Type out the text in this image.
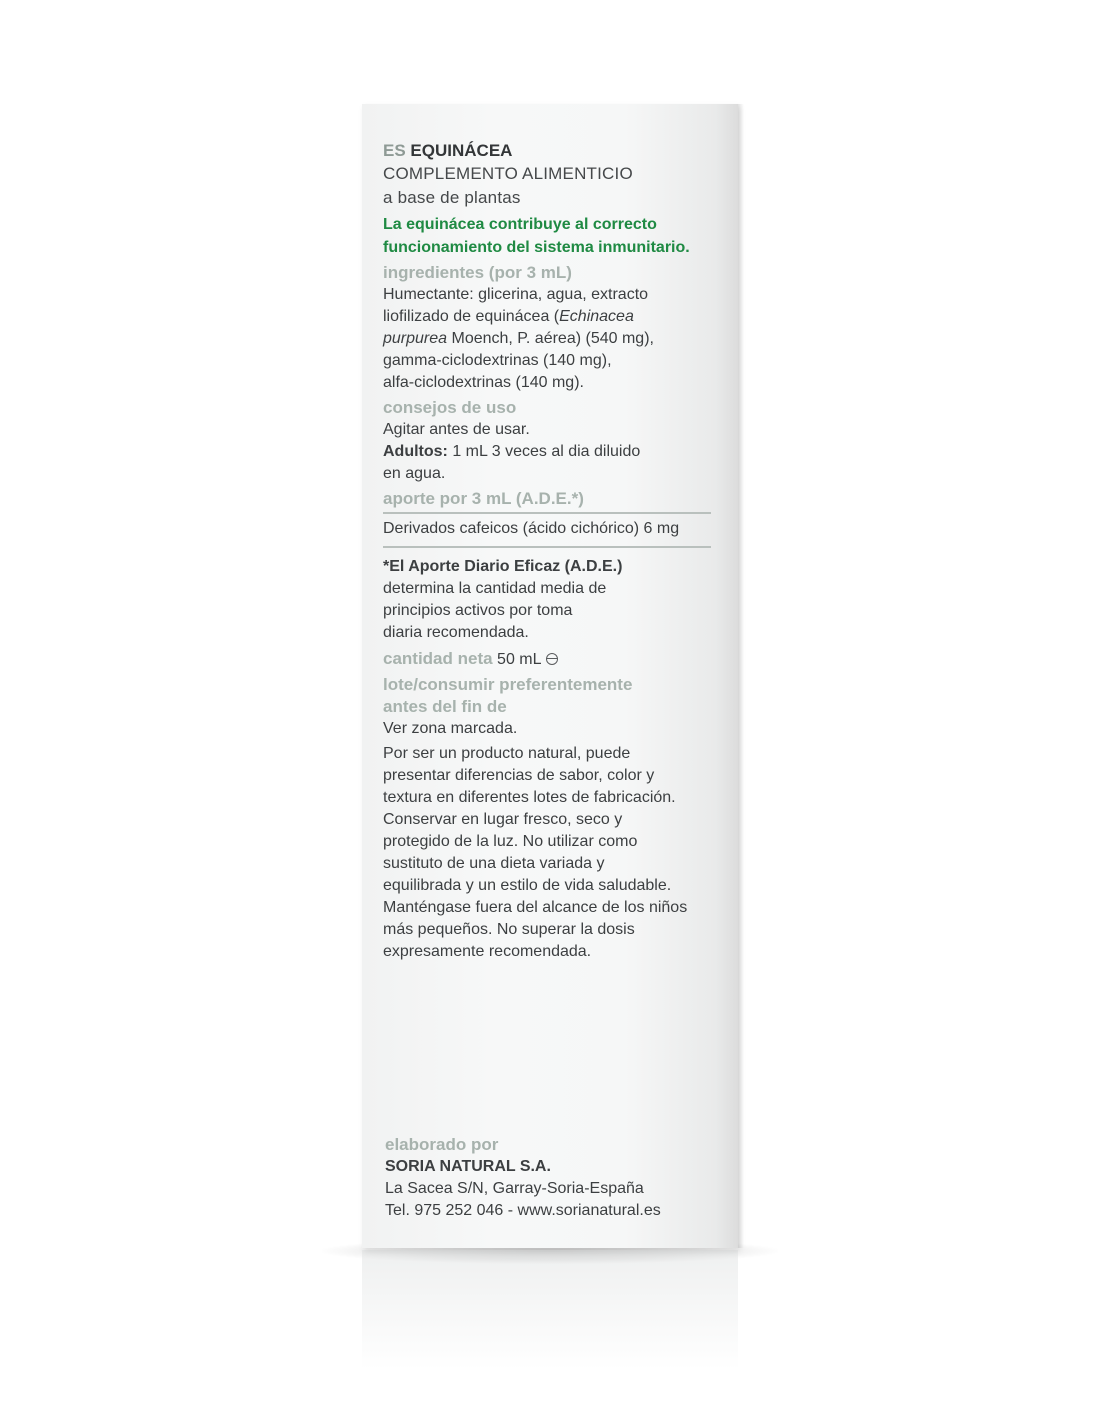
ES EQUINÁCEA
COMPLEMENTO ALIMENTICIO
a base de plantas
La equinácea contribuye al correcto
funcionamiento del sistema inmunitario.
ingredientes (por 3 mL)
Humectante: glicerina, agua, extracto
liofilizado de equinácea (Echinacea
purpurea Moench, P. aérea) (540 mg),
gamma-ciclodextrinas (140 mg),
alfa-ciclodextrinas (140 mg).
consejos de uso
Agitar antes de usar.
Adultos: 1 mL 3 veces al dia diluido
en agua.
aporte por 3 mL (A.D.E.*)
Derivados cafeicos (ácido cichórico) 6 mg
*El Aporte Diario Eficaz (A.D.E.)
determina la cantidad media de
principios activos por toma
diaria recomendada.
cantidad neta 50 mL
lote/consumir preferentemente
antes del fin de
Ver zona marcada.
Por ser un producto natural, puede
presentar diferencias de sabor, color y
textura en diferentes lotes de fabricación.
Conservar en lugar fresco, seco y
protegido de la luz. No utilizar como
sustituto de una dieta variada y
equilibrada y un estilo de vida saludable.
Manténgase fuera del alcance de los niños
más pequeños. No superar la dosis
expresamente recomendada.
elaborado por
SORIA NATURAL S.A.
La Sacea S/N, Garray-Soria-España
Tel. 975 252 046 - www.sorianatural.es
